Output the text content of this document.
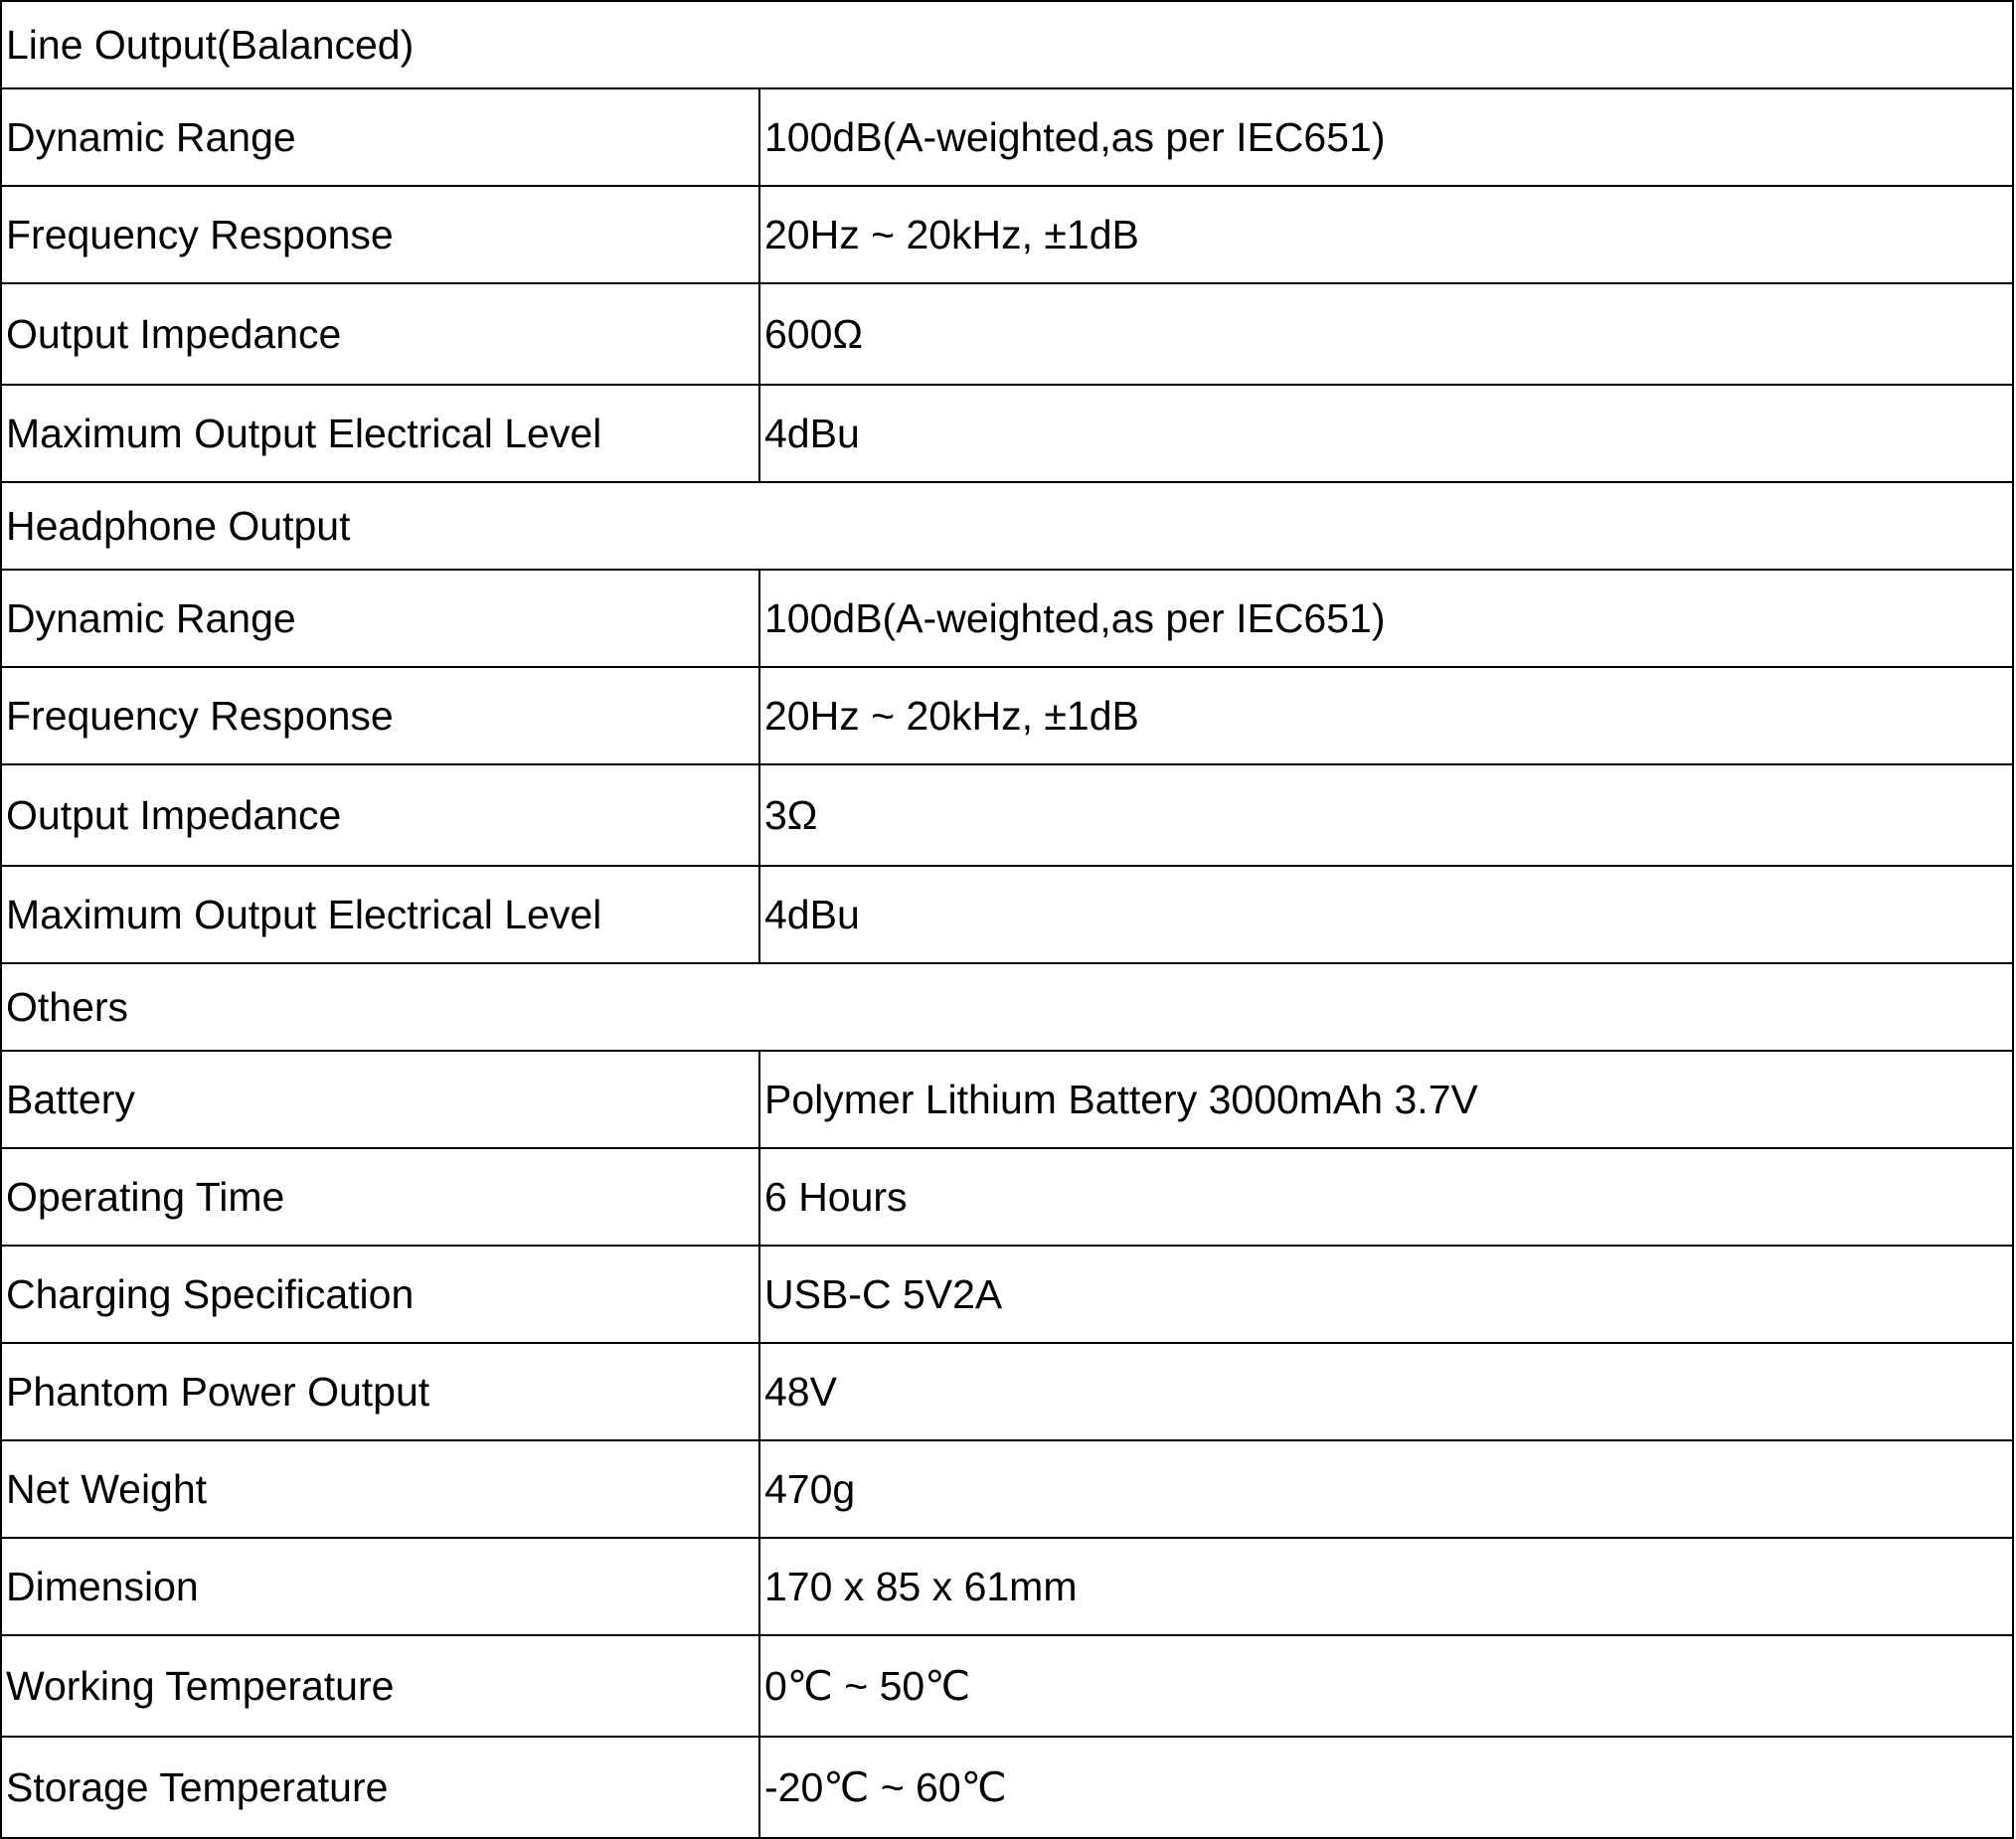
Line Output(Balanced)	
Dynamic Range	100dB(A-weighted,as per IEC651)
Frequency Response	20Hz ~ 20kHz, ±1dB
Output Impedance	600Ω
Maximum Output Electrical Level	4dBu
Headphone Output	
Dynamic Range	100dB(A-weighted,as per IEC651)
Frequency Response	20Hz ~ 20kHz, ±1dB
Output Impedance	3Ω
Maximum Output Electrical Level	4dBu
Others	
Battery	Polymer Lithium Battery 3000mAh 3.7V
Operating Time	6 Hours
Charging Specification	USB-C 5V2A
Phantom Power Output	48V
Net Weight	470g
Dimension	170 x 85 x 61mm
Working Temperature	0℃ ~ 50℃
Storage Temperature	-20℃ ~ 60℃
